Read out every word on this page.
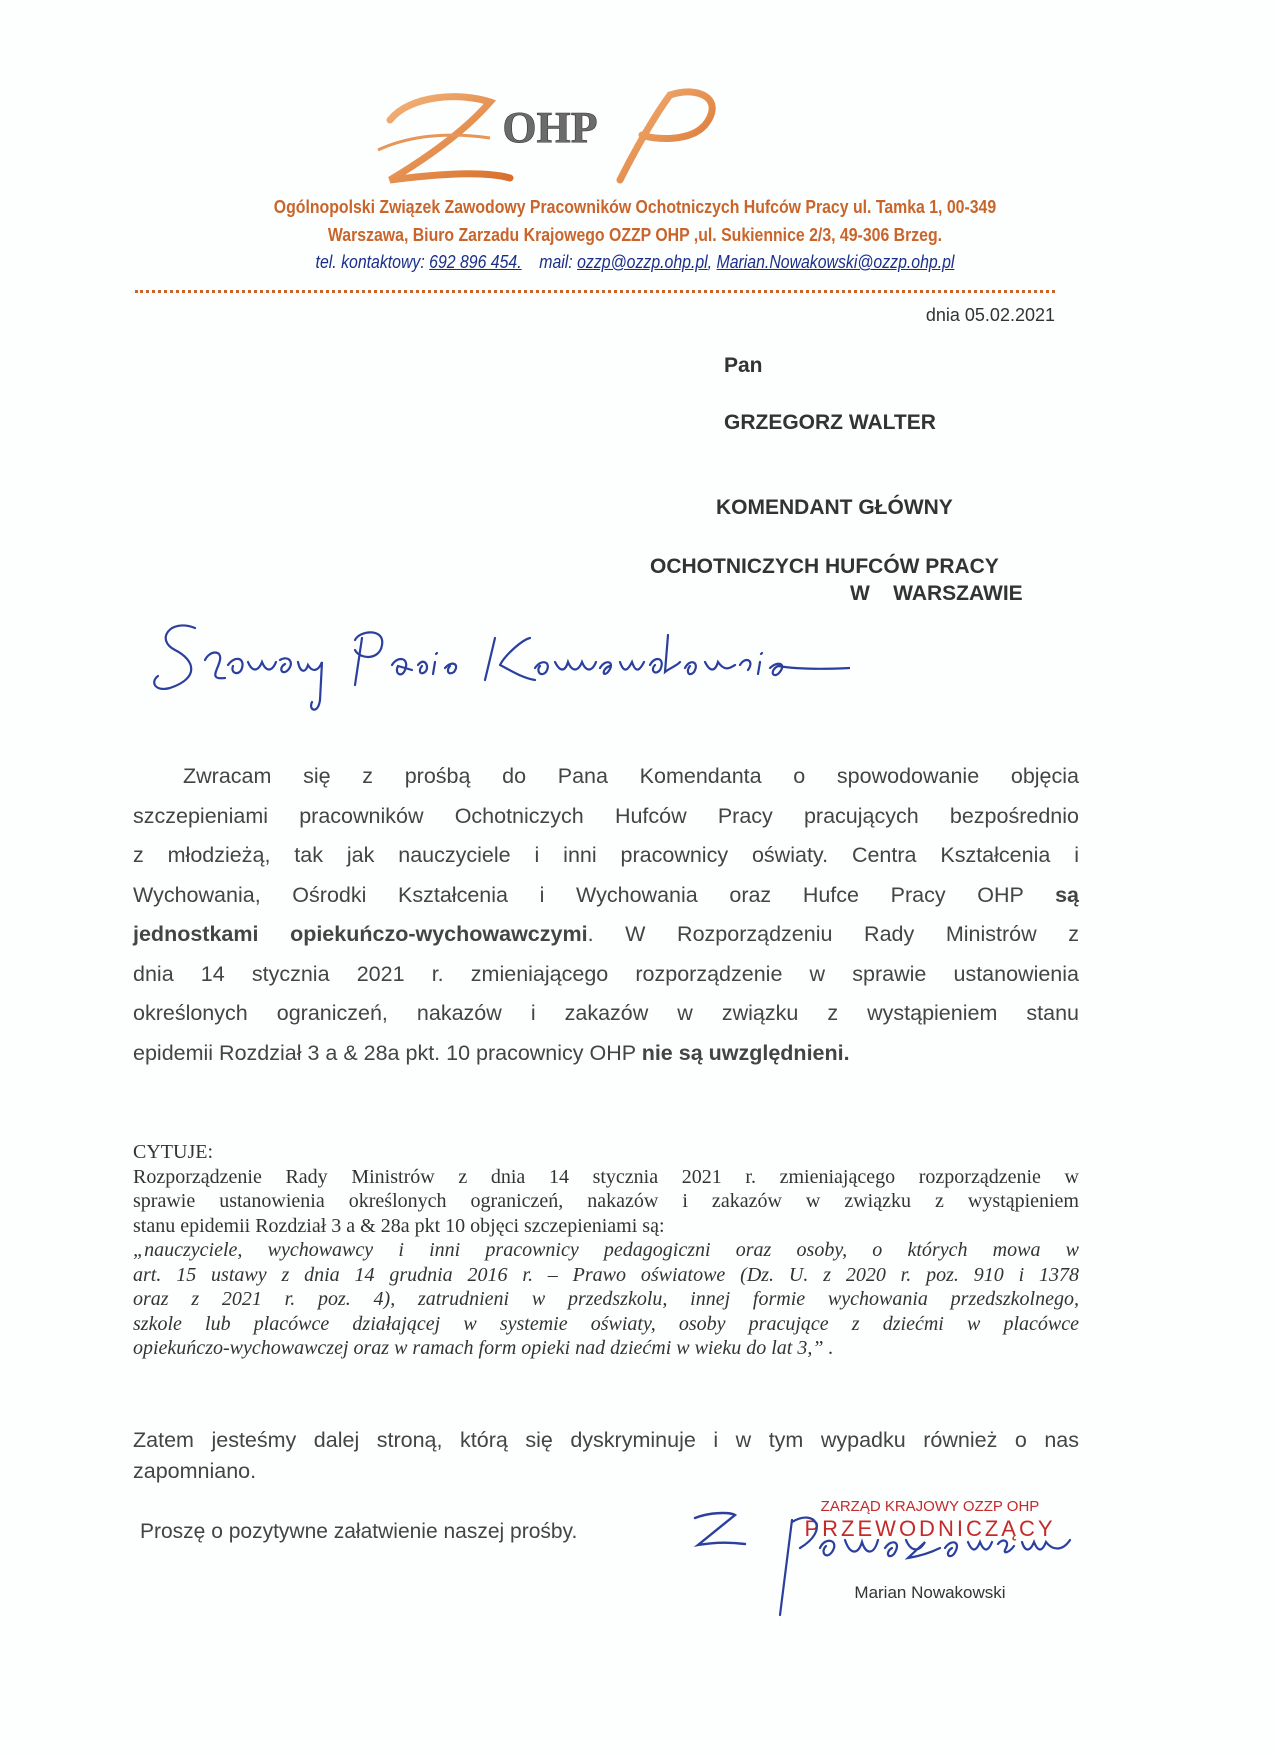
OHP
Ogólnopolski Związek Zawodowy Pracowników Ochotniczych Hufców Pracy ul. Tamka 1, 00-349
Warszawa, Biuro Zarzadu Krajowego OZZP OHP ,ul. Sukiennice 2/3, 49-306 Brzeg.
tel. kontaktowy: 692 896 454. mail: ozzp@ozzp.ohp.pl, Marian.Nowakowski@ozzp.ohp.pl
dnia 05.02.2021
Pan
GRZEGORZ WALTER
KOMENDANT GŁÓWNY
OCHOTNICZYCH HUFCÓW PRACY
W    WARSZAWIE
Szanowny Panie Komendancie
Zwracam się z prośbą do Pana Komendanta o spowodowanie objęcia
szczepieniami pracowników Ochotniczych Hufców Pracy pracujących bezpośrednio
z młodzieżą, tak jak nauczyciele i inni pracownicy oświaty. Centra Kształcenia i
Wychowania, Ośrodki Kształcenia i Wychowania oraz Hufce Pracy OHP są
jednostkami opiekuńczo-wychowawczymi. W Rozporządzeniu Rady Ministrów z
dnia 14 stycznia 2021 r. zmieniającego rozporządzenie w sprawie ustanowienia
określonych ograniczeń, nakazów i zakazów w związku z wystąpieniem stanu
epidemii Rozdział 3 a & 28a pkt. 10 pracownicy OHP nie są uwzględnieni.
CYTUJE:
Rozporządzenie Rady Ministrów z dnia 14 stycznia 2021 r. zmieniającego rozporządzenie w
sprawie ustanowienia określonych ograniczeń, nakazów i zakazów w związku z wystąpieniem
stanu epidemii Rozdział 3 a & 28a pkt 10 objęci szczepieniami są:
„nauczyciele, wychowawcy i inni pracownicy pedagogiczni oraz osoby, o których mowa w
art. 15 ustawy z dnia 14 grudnia 2016 r. – Prawo oświatowe (Dz. U. z 2020 r. poz. 910 i 1378
oraz z 2021 r. poz. 4), zatrudnieni w przedszkolu, innej formie wychowania przedszkolnego,
szkole lub placówce działającej w systemie oświaty, osoby pracujące z dziećmi w placówce
opiekuńczo-wychowawczej oraz w ramach form opieki nad dziećmi w wieku do lat 3,” .
Zatem jesteśmy dalej stroną, którą się dyskryminuje i w tym wypadku również o nas
zapomniano.
Proszę o pozytywne załatwienie naszej prośby.
ZARZĄD KRAJOWY OZZP OHP
PRZEWODNICZĄCY
Marian Nowakowski
Poważaniem
